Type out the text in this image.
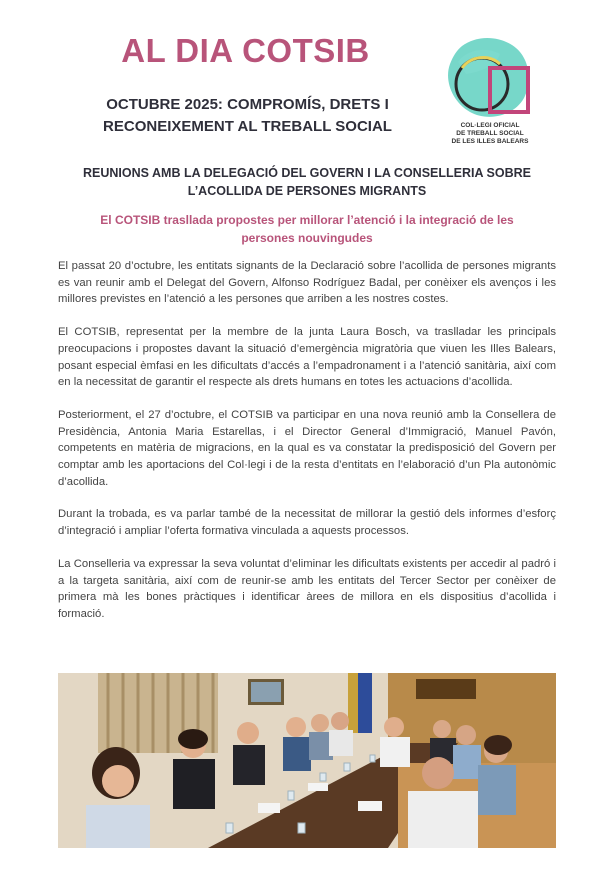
AL DIA COTSIB
OCTUBRE 2025: COMPROMÍS, DRETS I RECONEIXEMENT AL TREBALL SOCIAL	COL·LEGI OFICIAL
DE TREBALL SOCIAL
DE LES ILLES BALEARS
REUNIONS AMB LA DELEGACIÓ DEL GOVERN I LA CONSELLERIA SOBRE L’ACOLLIDA DE PERSONES MIGRANTS
El COTSIB trasllada propostes per millorar l’atenció i la integració de les persones nouvingudes

El passat 20 d’octubre, les entitats signants de la Declaració sobre l’acollida de persones migrants es van reunir amb el Delegat del Govern, Alfonso Rodríguez Badal, per conèixer els avenços i les millores previstes en l’atenció a les persones que arriben a les nostres costes.

El COTSIB, representat per la membre de la junta Laura Bosch, va traslladar les principals preocupacions i propostes davant la situació d’emergència migratòria que viuen les Illes Balears, posant especial èmfasi en les dificultats d’accés a l’empadronament i a l’atenció sanitària, així com en la necessitat de garantir el respecte als drets humans en totes les actuacions d’acollida.

Posteriorment, el 27 d’octubre, el COTSIB va participar en una nova reunió amb la Consellera de Presidència, Antonia Maria Estarellas, i el Director General d’Immigració, Manuel Pavón, competents en matèria de migracions, en la qual es va constatar la predisposició del Govern per comptar amb les aportacions del Col·legi i de la resta d’entitats en l’elaboració d’un Pla autonòmic d’acollida.

Durant la trobada, es va parlar també de la necessitat de millorar la gestió dels informes d’esforç d’integració i ampliar l’oferta formativa vinculada a aquests processos.

La Conselleria va expressar la seva voluntat d’eliminar les dificultats existents per accedir al padró i a la targeta sanitària, així com de reunir-se amb les entitats del Tercer Sector per conèixer de primera mà les bones pràctiques i identificar àrees de millora en els dispositius d’acollida i formació.
